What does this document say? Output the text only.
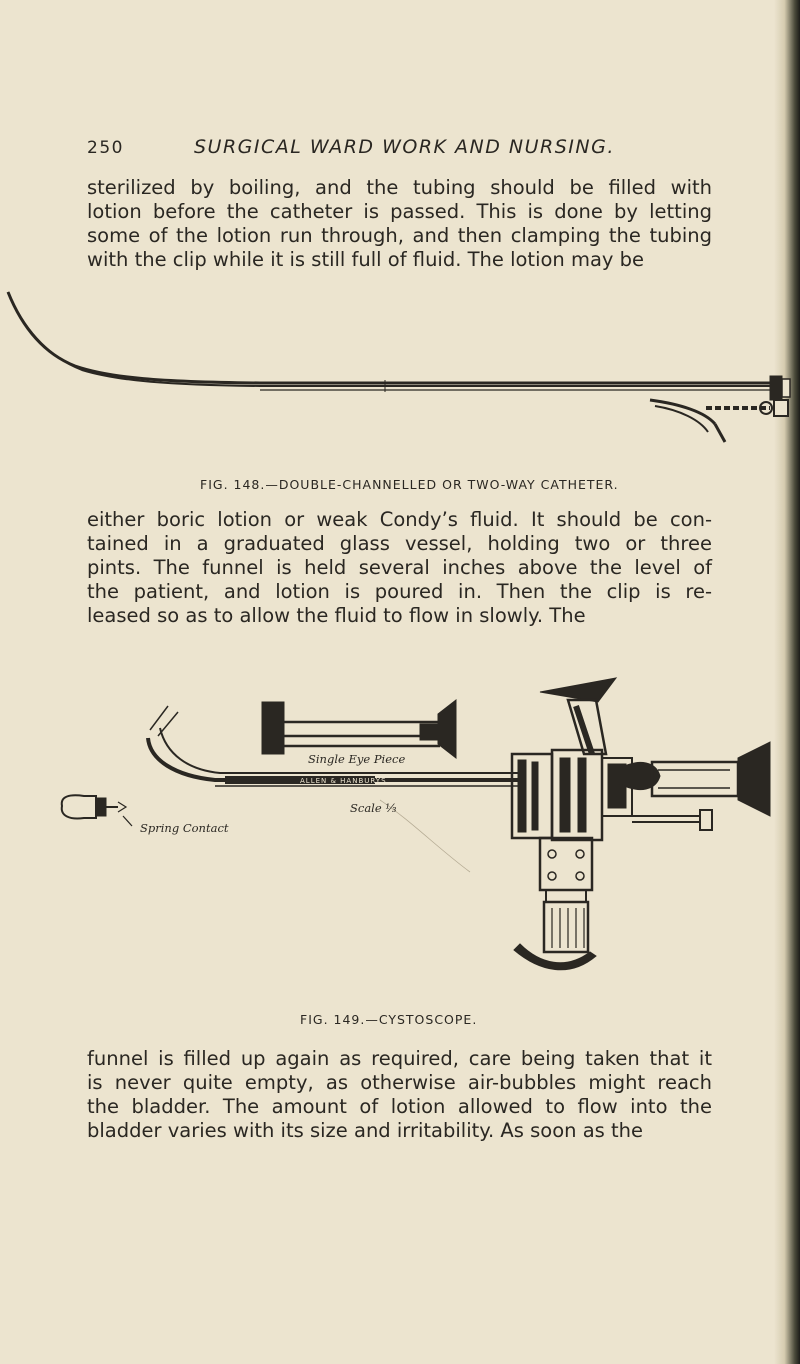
250	SURGICAL WARD WORK AND NURSING.

sterilized by boiling, and the tubing should be filled with
lotion before the catheter is passed. This is done by letting
some of the lotion run through, and then clamping the tubing
with the clip while it is still full of fluid. The lotion may be

FIG. 148.—DOUBLE-CHANNELLED OR TWO-WAY CATHETER.

either boric lotion or weak Condy’s fluid. It should be con-
tained in a graduated glass vessel, holding two or three
pints. The funnel is held several inches above the level of
the patient, and lotion is poured in. Then the clip is re-
leased so as to allow the fluid to flow in slowly. The

Single Eye Piece
Spring Contact
Scale ⅓
ALLEN & HANBURYS
FIG. 149.—CYSTOSCOPE.

funnel is filled up again as required, care being taken that it
is never quite empty, as otherwise air-bubbles might reach
the bladder. The amount of lotion allowed to flow into the
bladder varies with its size and irritability. As soon as the
